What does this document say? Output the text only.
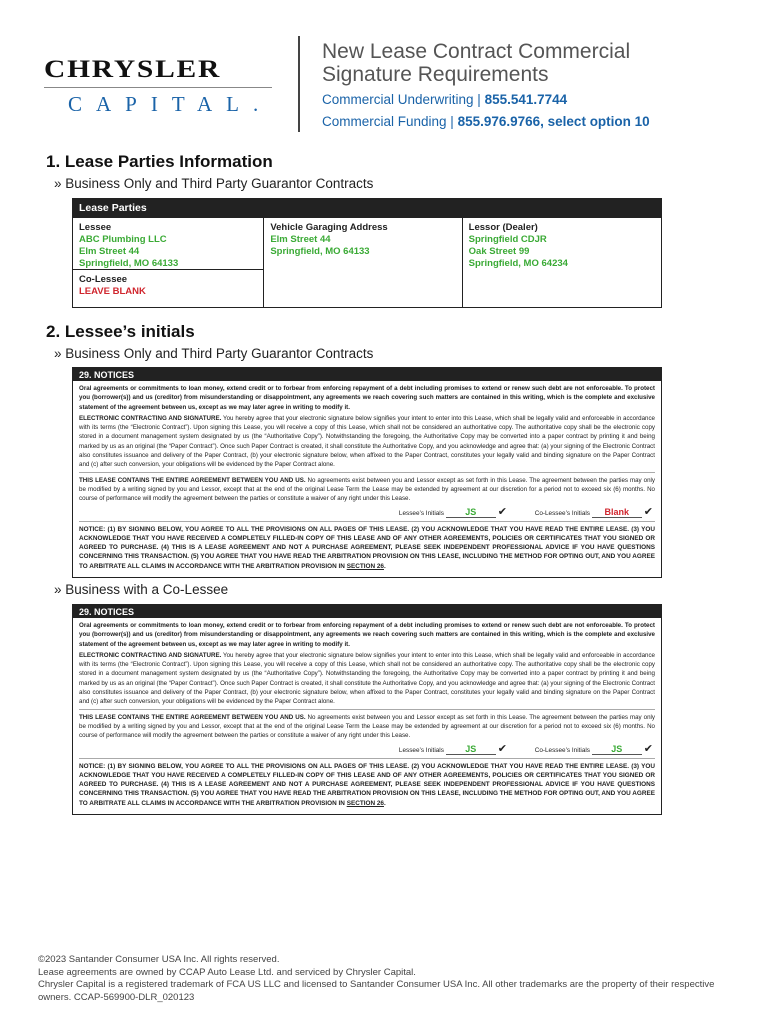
CHRYSLER
CAPITAL.
New Lease Contract Commercial
Signature Requirements
Commercial Underwriting | 855.541.7744
Commercial Funding | 855.976.9766, select option 10
1. Lease Parties Information
» Business Only and Third Party Guarantor Contracts
Lease Parties
Lessee
ABC Plumbing LLC
Elm Street 44
Springfield, MO 64133
Co-Lessee
LEAVE BLANK
Vehicle Garaging Address
Elm Street 44
Springfield, MO 64133
Lessor (Dealer)
Springfield CDJR
Oak Street 99
Springfield, MO 64234
2. Lessee’s initials
» Business Only and Third Party Guarantor Contracts
29. NOTICES

Oral agreements or commitments to loan money, extend credit or to forbear from enforcing repayment of a debt including promises to extend or renew such debt are not enforceable. To protect you (borrower(s)) and us (creditor) from misunderstanding or disappointment, any agreements we reach covering such matters are contained in this writing, which is the complete and exclusive statement of the agreement between us, except as we may later agree in writing to modify it.

ELECTRONIC CONTRACTING AND SIGNATURE. You hereby agree that your electronic signature below signifies your intent to enter into this Lease, which shall be legally valid and enforceable in accordance with its terms (the “Electronic Contract”). Upon signing this Lease, you will receive a copy of this Lease, which shall not be considered an authoritative copy. The authoritative copy shall be the electronic copy stored in a document management system designated by us (the “Authoritative Copy”). Notwithstanding the foregoing, the Authoritative Copy may be converted into a paper contract by printing it and being marked by us as an original (the “Paper Contract”). Once such Paper Contract is created, it shall constitute the Authoritative Copy, and you acknowledge and agree that: (a) your signing of the Electronic Contract also constitutes issuance and delivery of the Paper Contract, (b) your electronic signature below, when affixed to the Paper Contract, constitutes your legally valid and binding signature on the Paper Contract and (c) after such conversion, your obligations will be evidenced by the Paper Contract alone.

THIS LEASE CONTAINS THE ENTIRE AGREEMENT BETWEEN YOU AND US. No agreements exist between you and Lessor except as set forth in this Lease. The agreement between the parties may only be modified by a writing signed by you and Lessor, except that at the end of the original Lease Term the Lease may be extended by agreement at our discretion for a period not to exceed six (6) months. No course of performance will modify the agreement between the parties or constitute a waiver of any right under this Lease.

Lessee’s Initials JS ✔	Co-Lessee’s Initials Blank ✔

NOTICE: (1) BY SIGNING BELOW, YOU AGREE TO ALL THE PROVISIONS ON ALL PAGES OF THIS LEASE. (2) YOU ACKNOWLEDGE THAT YOU HAVE READ THE ENTIRE LEASE. (3) YOU ACKNOWLEDGE THAT YOU HAVE RECEIVED A COMPLETELY FILLED-IN COPY OF THIS LEASE AND OF ANY OTHER AGREEMENTS, POLICIES OR CERTIFICATES THAT YOU SIGNED OR AGREED TO PURCHASE. (4) THIS IS A LEASE AGREEMENT AND NOT A PURCHASE AGREEMENT, PLEASE SEEK INDEPENDENT PROFESSIONAL ADVICE IF YOU HAVE QUESTIONS CONCERNING THIS TRANSACTION. (5) YOU AGREE THAT YOU HAVE READ THE ARBITRATION PROVISION ON THIS LEASE, INCLUDING THE METHOD FOR OPTING OUT, AND YOU AGREE TO ARBITRATE ALL CLAIMS IN ACCORDANCE WITH THE ARBITRATION PROVISION IN SECTION 26.

» Business with a Co-Lessee
29. NOTICES

Oral agreements or commitments to loan money, extend credit or to forbear from enforcing repayment of a debt including promises to extend or renew such debt are not enforceable. To protect you (borrower(s)) and us (creditor) from misunderstanding or disappointment, any agreements we reach covering such matters are contained in this writing, which is the complete and exclusive statement of the agreement between us, except as we may later agree in writing to modify it.

ELECTRONIC CONTRACTING AND SIGNATURE. You hereby agree that your electronic signature below signifies your intent to enter into this Lease, which shall be legally valid and enforceable in accordance with its terms (the “Electronic Contract”). Upon signing this Lease, you will receive a copy of this Lease, which shall not be considered an authoritative copy. The authoritative copy shall be the electronic copy stored in a document management system designated by us (the “Authoritative Copy”). Notwithstanding the foregoing, the Authoritative Copy may be converted into a paper contract by printing it and being marked by us as an original (the “Paper Contract”). Once such Paper Contract is created, it shall constitute the Authoritative Copy, and you acknowledge and agree that: (a) your signing of the Electronic Contract also constitutes issuance and delivery of the Paper Contract, (b) your electronic signature below, when affixed to the Paper Contract, constitutes your legally valid and binding signature on the Paper Contract and (c) after such conversion, your obligations will be evidenced by the Paper Contract alone.

THIS LEASE CONTAINS THE ENTIRE AGREEMENT BETWEEN YOU AND US. No agreements exist between you and Lessor except as set forth in this Lease. The agreement between the parties may only be modified by a writing signed by you and Lessor, except that at the end of the original Lease Term the Lease may be extended by agreement at our discretion for a period not to exceed six (6) months. No course of performance will modify the agreement between the parties or constitute a waiver of any right under this Lease.

Lessee’s Initials JS ✔	Co-Lessee’s Initials JS ✔

NOTICE: (1) BY SIGNING BELOW, YOU AGREE TO ALL THE PROVISIONS ON ALL PAGES OF THIS LEASE. (2) YOU ACKNOWLEDGE THAT YOU HAVE READ THE ENTIRE LEASE. (3) YOU ACKNOWLEDGE THAT YOU HAVE RECEIVED A COMPLETELY FILLED-IN COPY OF THIS LEASE AND OF ANY OTHER AGREEMENTS, POLICIES OR CERTIFICATES THAT YOU SIGNED OR AGREED TO PURCHASE. (4) THIS IS A LEASE AGREEMENT AND NOT A PURCHASE AGREEMENT, PLEASE SEEK INDEPENDENT PROFESSIONAL ADVICE IF YOU HAVE QUESTIONS CONCERNING THIS TRANSACTION. (5) YOU AGREE THAT YOU HAVE READ THE ARBITRATION PROVISION ON THIS LEASE, INCLUDING THE METHOD FOR OPTING OUT, AND YOU AGREE TO ARBITRATE ALL CLAIMS IN ACCORDANCE WITH THE ARBITRATION PROVISION IN SECTION 26.

©2023 Santander Consumer USA Inc. All rights reserved.
Lease agreements are owned by CCAP Auto Lease Ltd. and serviced by Chrysler Capital.
Chrysler Capital is a registered trademark of FCA US LLC and licensed to Santander Consumer USA Inc. All other trademarks are the property of their respective owners. CCAP-569900-DLR_020123
